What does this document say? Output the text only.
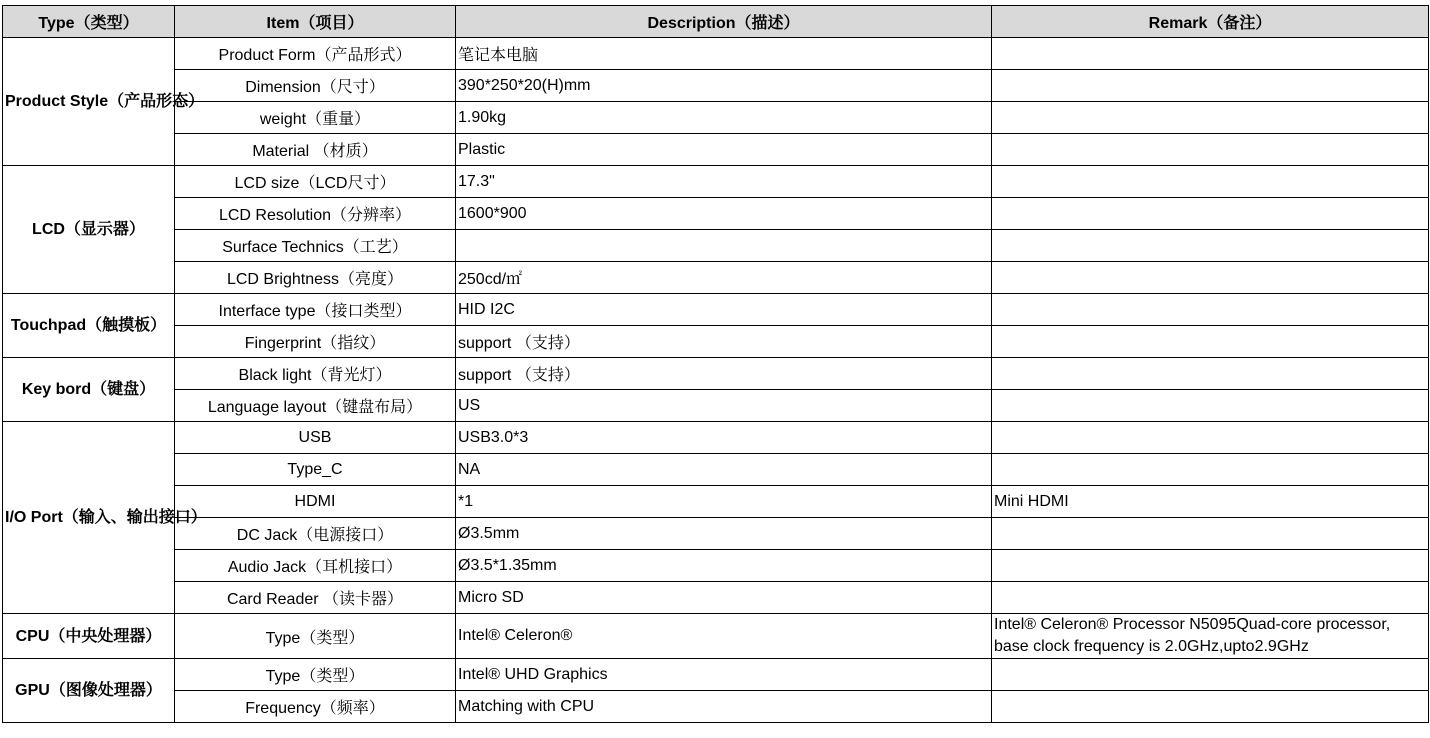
Type（类型）	Item（项目）	Description（描述）	Remark（备注）
Product Style（产品形态）	Product Form（产品形式）	笔记本电脑	
	Dimension（尺寸）	390*250*20(H)mm	
	weight（重量）	1.90kg	
	Material （材质）	Plastic	
LCD（显示器）	LCD size（LCD尺寸）	17.3"	
	LCD Resolution（分辨率）	1600*900	
	Surface Technics（工艺）		
	LCD Brightness（亮度）	250cd/㎡	
Touchpad（触摸板）	Interface type（接口类型）	HID I2C	
	Fingerprint（指纹）	support （支持）	
Key bord（键盘）	Black light（背光灯）	support （支持）	
	Language layout（键盘布局）	US	
I/O Port（输入、输出接口）	USB	USB3.0*3	
	Type_C	NA	
	HDMI	*1	Mini HDMI
	DC Jack（电源接口）	Ø3.5mm	
	Audio Jack（耳机接口）	Ø3.5*1.35mm	
	Card Reader （读卡器）	Micro SD	
CPU（中央处理器）	Type（类型）	Intel® Celeron®	Intel® Celeron® Processor N5095Quad-core processor, base clock frequency is 2.0GHz,upto2.9GHz
GPU（图像处理器）	Type（类型）	Intel® UHD Graphics	
	Frequency（频率）	Matching with CPU	
